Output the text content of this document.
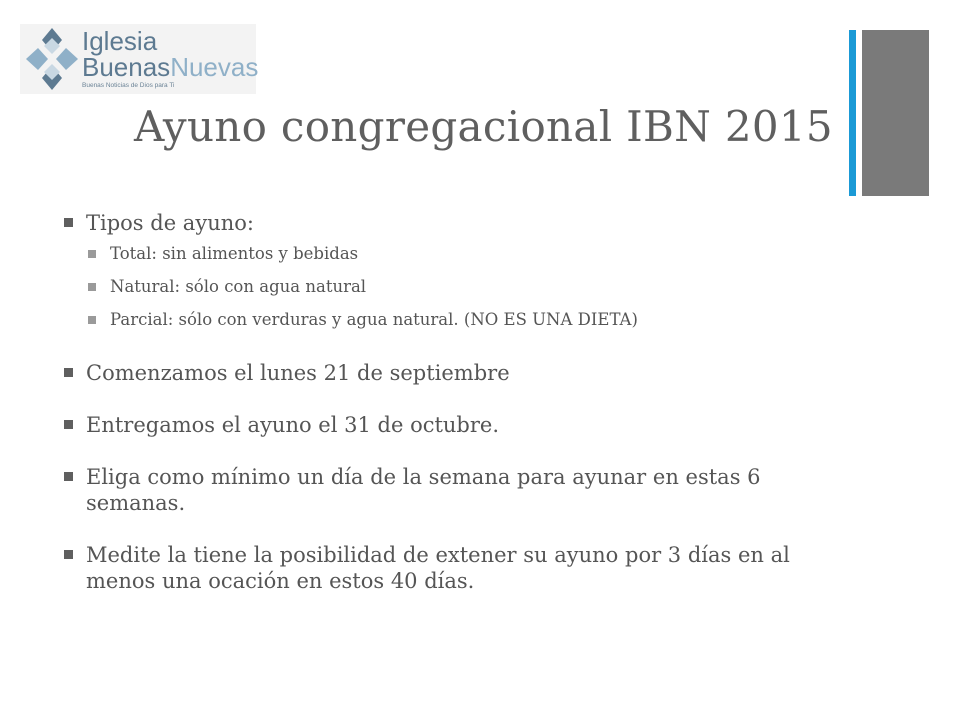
Iglesia
BuenasNuevas
Buenas Noticias de Dios para Ti
Ayuno congregacional IBN 2015
Tipos de ayuno:
Total: sin alimentos y bebidas
Natural: sólo con agua natural
Parcial: sólo con verduras y agua natural. (NO ES UNA DIETA)
Comenzamos el lunes 21 de septiembre
Entregamos el ayuno el 31 de octubre.
Eliga como mínimo un día de la semana para ayunar en estas 6 semanas.
Medite la tiene la posibilidad de extener su ayuno por 3 días en al menos una ocación en estos 40 días.
